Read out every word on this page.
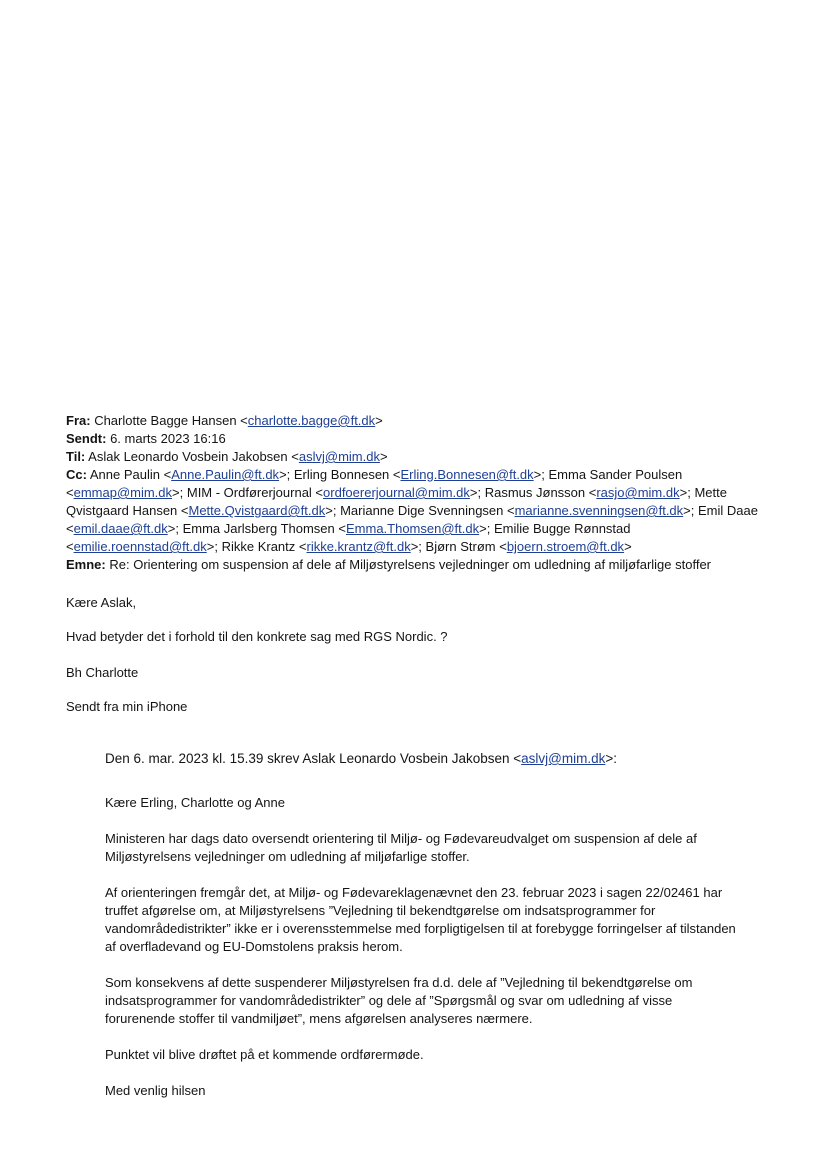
Fra: Charlotte Bagge Hansen <charlotte.bagge@ft.dk>
Sendt: 6. marts 2023 16:16
Til: Aslak Leonardo Vosbein Jakobsen <aslvj@mim.dk>
Cc: Anne Paulin <Anne.Paulin@ft.dk>; Erling Bonnesen <Erling.Bonnesen@ft.dk>; Emma Sander Poulsen <emmap@mim.dk>; MIM - Ordførerjournal <ordfoererjournal@mim.dk>; Rasmus Jønsson <rasjo@mim.dk>; Mette Qvistgaard Hansen <Mette.Qvistgaard@ft.dk>; Marianne Dige Svenningsen <marianne.svenningsen@ft.dk>; Emil Daae <emil.daae@ft.dk>; Emma Jarlsberg Thomsen <Emma.Thomsen@ft.dk>; Emilie Bugge Rønnstad <emilie.roennstad@ft.dk>; Rikke Krantz <rikke.krantz@ft.dk>; Bjørn Strøm <bjoern.stroem@ft.dk>
Emne: Re: Orientering om suspension af dele af Miljøstyrelsens vejledninger om udledning af miljøfarlige stoffer
Kære Aslak,
Hvad betyder det i forhold til den konkrete sag med RGS Nordic. ?
Bh Charlotte
Sendt fra min iPhone
Den 6. mar. 2023 kl. 15.39 skrev Aslak Leonardo Vosbein Jakobsen <aslvj@mim.dk>:
Kære Erling, Charlotte og Anne
Ministeren har dags dato oversendt orientering til Miljø- og Fødevareudvalget om suspension af dele af Miljøstyrelsens vejledninger om udledning af miljøfarlige stoffer.
Af orienteringen fremgår det, at Miljø- og Fødevareklagenævnet den 23. februar 2023 i sagen 22/02461 har truffet afgørelse om, at Miljøstyrelsens ”Vejledning til bekendtgørelse om indsatsprogrammer for vandområdedistrikter” ikke er i overensstemmelse med forpligtigelsen til at forebygge forringelser af tilstanden af overfladevand og EU-Domstolens praksis herom.
Som konsekvens af dette suspenderer Miljøstyrelsen fra d.d. dele af ”Vejledning til bekendtgørelse om indsatsprogrammer for vandområdedistrikter” og dele af ”Spørgsmål og svar om udledning af visse forurenende stoffer til vandmiljøet”, mens afgørelsen analyseres nærmere.
Punktet vil blive drøftet på et kommende ordførermøde.
Med venlig hilsen
